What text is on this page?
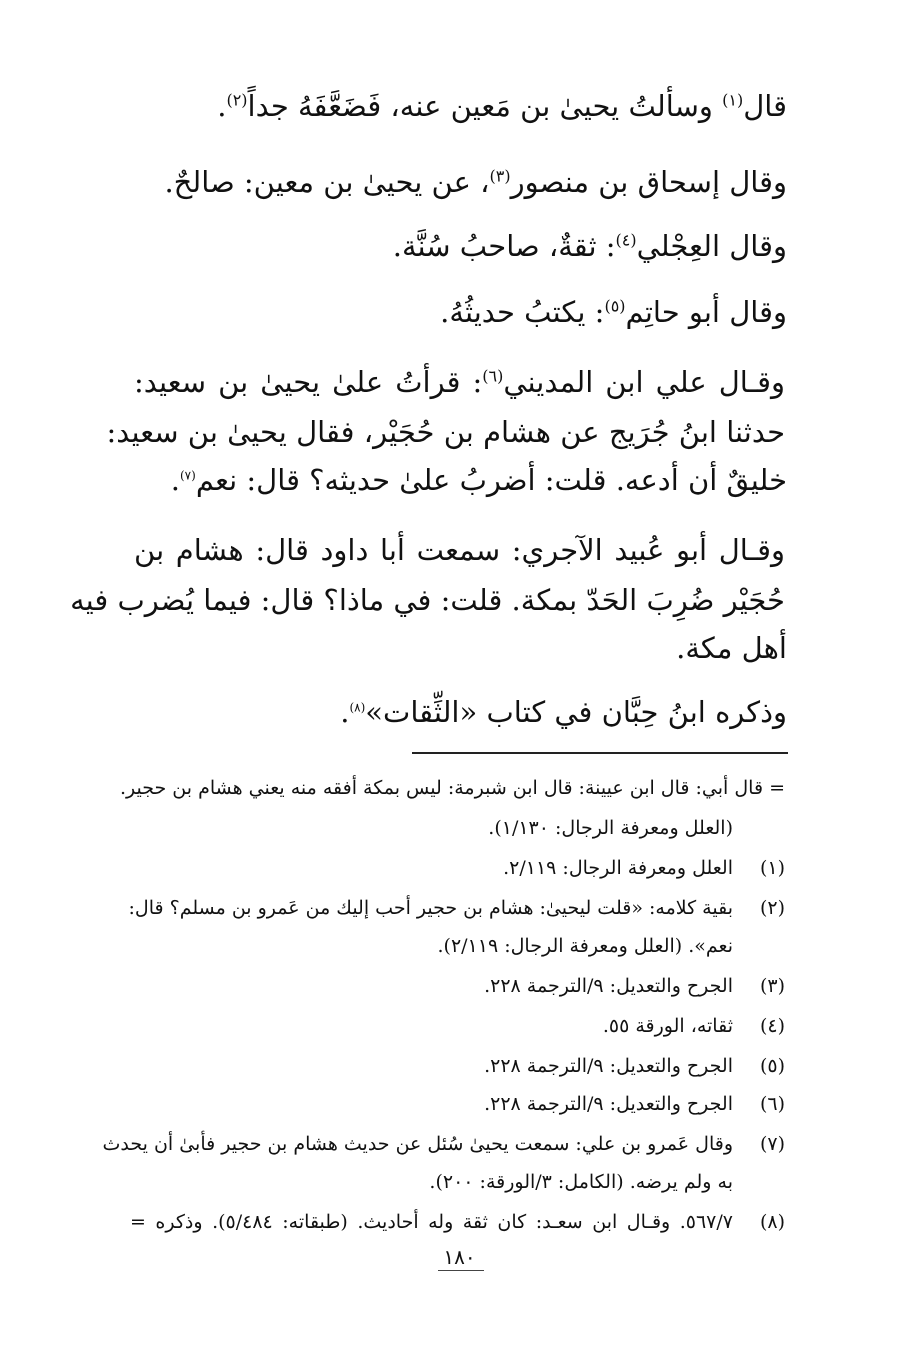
قال$^{(١)}$ وسألتُ يحيىٰ بن مَعين عنه، فَضَعَّفَهُ جداً$^{(٢)}$.
وقال إسحاق بن منصور$^{(٣)}$، عن يحيىٰ بن معين: صالحٌ.
وقال العِجْلي$^{(٤)}$: ثقةٌ، صاحبُ سُنَّة.
وقال أبو حاتِم$^{(٥)}$: يكتبُ حديثُهُ.
وقـال علي ابن المديني$^{(٦)}$: قرأتُ علىٰ يحيىٰ بن سعيد:
حدثنا ابنُ جُرَيج عن هشام بن حُجَيْر، فقال يحيىٰ بن سعيد:
خليقٌ أن أدعه. قلت: أضربُ علىٰ حديثه؟ قال: نعم$^{(٧)}$.
وقـال أبو عُبيد الآجري: سمعت أبا داود قال: هشام بن
حُجَيْر ضُرِبَ الحَدّ بمكة. قلت: في ماذا؟ قال: فيما يُضرب فيه
أهل مكة.
وذكره ابنُ حِبَّان في كتاب «الثِّقات»$^{(٨)}$.
= قال أبي: قال ابن عيينة: قال ابن شبرمة: ليس بمكة أفقه منه يعني هشام بن حجير.
(العلل ومعرفة الرجال: ١/١٣٠).
(١)
العلل ومعرفة الرجال: ٢/١١٩.
(٢)
بقية كلامه: «قلت ليحيىٰ: هشام بن حجير أحب إليك من عَمرو بن مسلم؟ قال:
نعم». (العلل ومعرفة الرجال: ٢/١١٩).
(٣)
الجرح والتعديل: ٩/الترجمة ٢٢٨.
(٤)
ثقاته، الورقة ٥٥.
(٥)
الجرح والتعديل: ٩/الترجمة ٢٢٨.
(٦)
الجرح والتعديل: ٩/الترجمة ٢٢٨.
(٧)
وقال عَمرو بن علي: سمعت يحيىٰ سُئل عن حديث هشام بن حجير فأبىٰ أن يحدث
به ولم يرضه. (الكامل: ٣/الورقة: ٢٠٠).
(٨)
٥٦٧/٧. وقـال ابن سعـد: كان ثقة وله أحاديث. (طبقاته: ٥/٤٨٤). وذكره =
١٨٠
